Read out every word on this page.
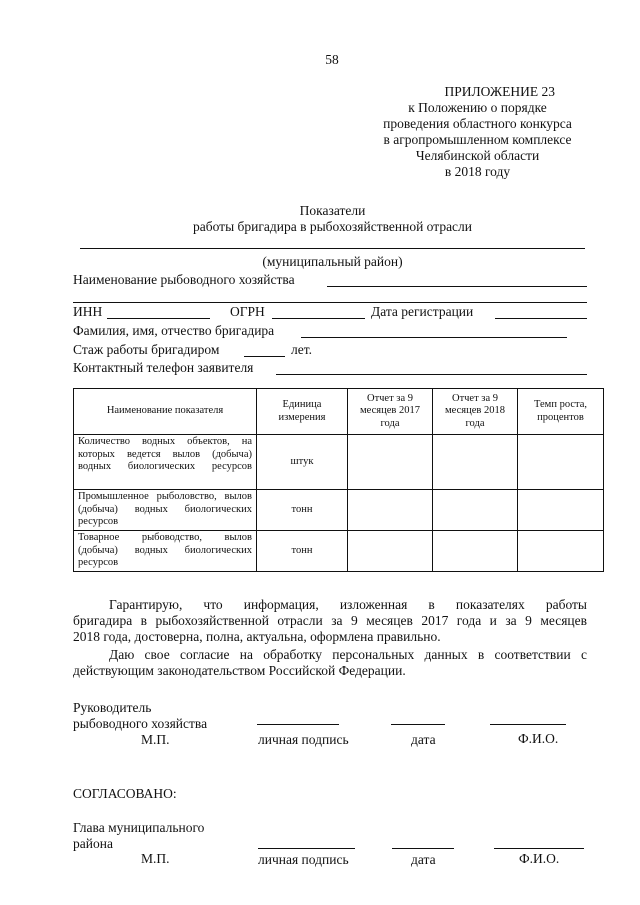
58
ПРИЛОЖЕНИЕ 23
к Положению о порядке
проведения областного конкурса
в агропромышленном комплексе
Челябинской области
в 2018 году
Показатели
работы бригадира в рыбохозяйственной отрасли
(муниципальный район)
Наименование рыбоводного хозяйства
ИНН	ОГРН	Дата регистрации
Фамилия, имя, отчество бригадира
Стаж работы бригадиром	лет.
Контактный телефон заявителя
Наименование показателя	Единица измерения	Отчет за 9 месяцев 2017 года	Отчет за 9 месяцев 2018 года	Темп роста, процентов
Количество водных объектов, на которых ведется вылов (добыча) водных биологических ресурсов	штук			
Промышленное рыболовство, вылов (добыча) водных биологических ресурсов	тонн			
Товарное рыбоводство, вылов (добыча) водных биологических ресурсов	тонн			
Гарантирую, что информация, изложенная в показателях работы
бригадира в рыбохозяйственной отрасли за 9 месяцев 2017 года и за 9 месяцев
2018 года, достоверна, полна, актуальна, оформлена правильно.
Даю свое согласие на обработку персональных данных в соответствии с
действующим законодательством Российской Федерации.
Руководитель
рыбоводного хозяйства
М.П.	личная подпись	дата	Ф.И.О.
СОГЛАСОВАНО:
Глава муниципального
района
М.П.	личная подпись	дата	Ф.И.О.
